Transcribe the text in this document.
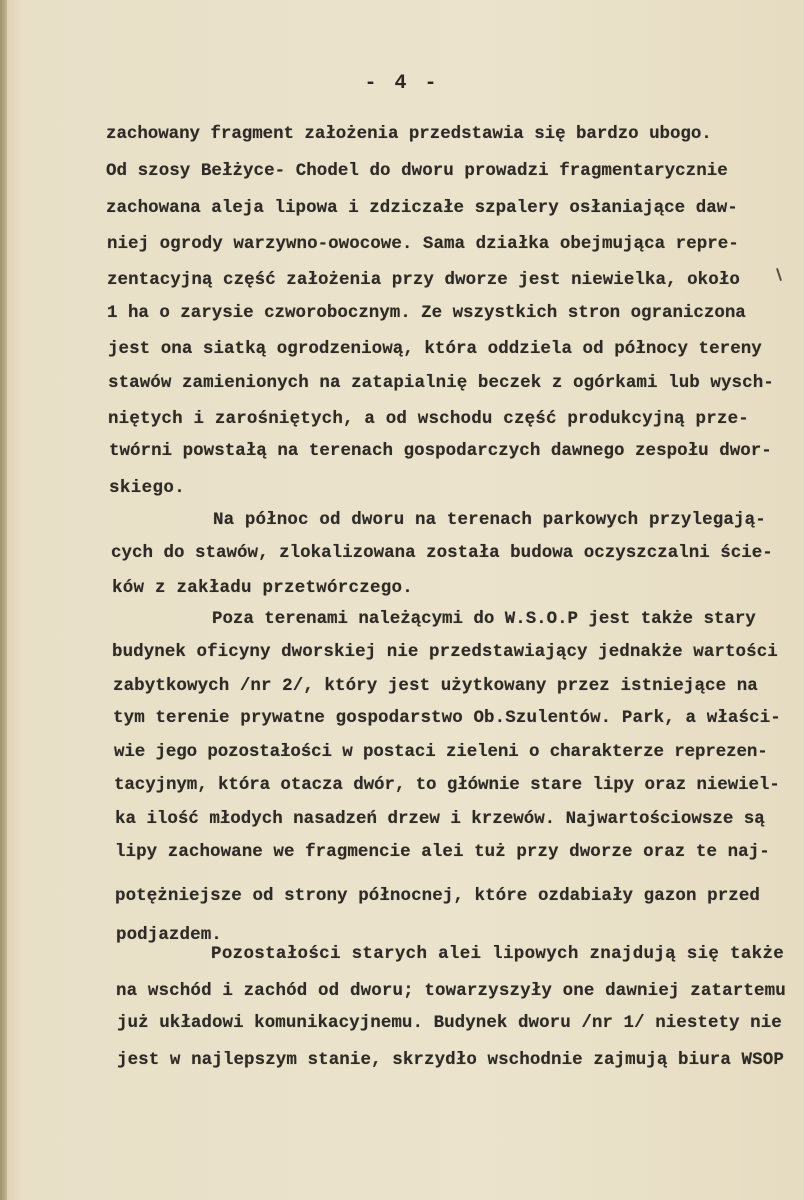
- 4 -
zachowany fragment założenia przedstawia się bardzo ubogo.
Od szosy Bełżyce- Chodel do dworu prowadzi fragmentarycznie
zachowana aleja lipowa i zdziczałe szpalery osłaniające daw-
niej ogrody warzywno-owocowe. Sama działka obejmująca repre-
zentacyjną część założenia przy dworze jest niewielka, około
1 ha o zarysie czworobocznym. Ze wszystkich stron ograniczona
jest ona siatką ogrodzeniową, która oddziela od północy tereny
stawów zamienionych na zatapialnię beczek z ogórkami lub wysch-
niętych i zarośniętych, a od wschodu część produkcyjną prze-
twórni powstałą na terenach gospodarczych dawnego zespołu dwor-
skiego.
Na północ od dworu na terenach parkowych przylegają-
cych do stawów, zlokalizowana została budowa oczyszczalni ście-
ków z zakładu przetwórczego.
Poza terenami należącymi do W.S.O.P jest także stary
budynek oficyny dworskiej nie przedstawiający jednakże wartości
zabytkowych /nr 2/, który jest użytkowany przez istniejące na
tym terenie prywatne gospodarstwo Ob.Szulentów. Park, a właści-
wie jego pozostałości w postaci zieleni o charakterze reprezen-
tacyjnym, która otacza dwór, to głównie stare lipy oraz niewiel-
ka ilość młodych nasadzeń drzew i krzewów. Najwartościowsze są
lipy zachowane we fragmencie alei tuż przy dworze oraz te naj-
potężniejsze od strony północnej, które ozdabiały gazon przed
podjazdem.
Pozostałości starych alei lipowych znajdują się także
na wschód i zachód od dworu; towarzyszyły one dawniej zatartemu
już układowi komunikacyjnemu. Budynek dworu /nr 1/ niestety nie
jest w najlepszym stanie, skrzydło wschodnie zajmują biura WSOP
